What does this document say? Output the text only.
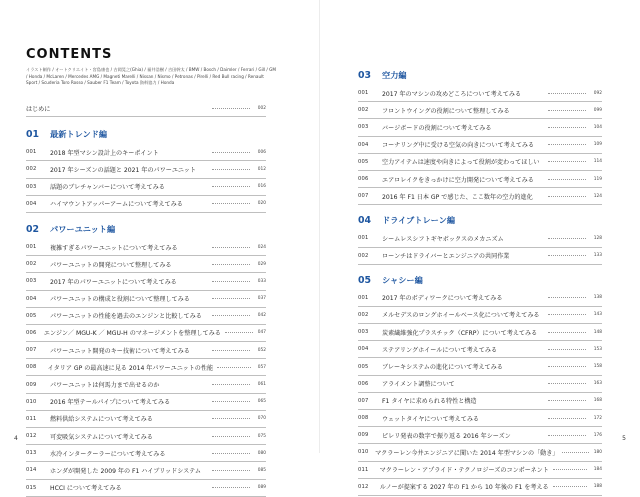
CONTENTS

イラスト制作 / オートクリエイト・宮島康也 / 吉岡晃之(Ghia) / 福井浩樹 / 吉田幹太 / BMW / Bosch / Daimler / Ferrari / Gill / GM / Honda / McLaren / Mercedes AMG / Magneti Marelli / Nissan / Nismo / Petronas / Pirelli / Red Bull racing / Renault Sport / Scuderia Toro Rosso / Sauber F1 Team / Toyota 資料協力 / Honda

はじめに	002
01	最新トレンド編
001	2018 年型マシン設計上のキーポイント	006
002	2017 年シーズンの話題と 2021 年のパワーユニット	012
003	話題のブレチャンバーについて考えてみる	016
004	ハイマウントアッパーアームについて考えてみる	020
02	パワーユニット編
001	複雑すぎるパワーユニットについて考えてみる	024
002	パワーユニットの開発について整理してみる	029
003	2017 年のパワーユニットについて考えてみる	033
004	パワーユニットの構成と役割について整理してみる	037
005	パワーユニットの性能を過去のエンジンと比較してみる	042
006	エンジン／ MGU-K ／ MGU-H のマネージメントを整理してみる	047
007	パワーユニット開発のキー技術について考えてみる	052
008	イタリア GP の最高速に見る 2014 年パワーユニットの性能	057
009	パワーユニットは何馬力まで出せるのか	061
010	2016 年型テールパイプについて考えてみる	065
011	燃料供給システムについて考えてみる	070
012	可変吸気システムについて考えてみる	075
013	水冷インタークーラーについて考えてみる	080
014	ホンダが開発した 2009 年の F1 ハイブリッドシステム	085
015	HCCI について考えてみる	089
4
03	空力編
001	2017 年のマシンの攻めどころについて考えてみる	092
002	フロントウイングの役割について整理してみる	099
003	バージボードの役割について考えてみる	104
004	コーナリング中に受ける空気の向きについて考えてみる	109
005	空力アイテムは速度や向きによって役割が変わってほしい	114
006	エアロレイクをきっかけに空力開発について考えてみる	119
007	2016 年 F1 日本 GP で感じた、ここ数年の空力的進化	124
04	ドライブトレーン編
001	シームレスシフトギヤボックスのメカニズム	128
002	ローンチはドライバーとエンジニアの共同作業	133
05	シャシー編
001	2017 年のボディワークについて考えてみる	138
002	メルセデスのロングホイールベース化について考えてみる	143
003	炭素繊維強化プラスチック（CFRP）について考えてみる	148
004	ステアリングホイールについて考えてみる	153
005	ブレーキシステムの進化について考えてみる	158
006	アライメント調整について	163
007	F1 タイヤに求められる特性と構造	168
008	ウェットタイヤについて考えてみる	172
009	ピレリ発表の数字で振り返る 2016 年シーズン	176
010	マクラーレン今井エンジニアに聞いた 2014 年型マシンの「動き」	180
011	マクラーレン・アプライド・テクノロジーズのコンポーネント	184
012	ルノーが提案する 2027 年の F1 から 10 年後の F1 を考える	188
5
